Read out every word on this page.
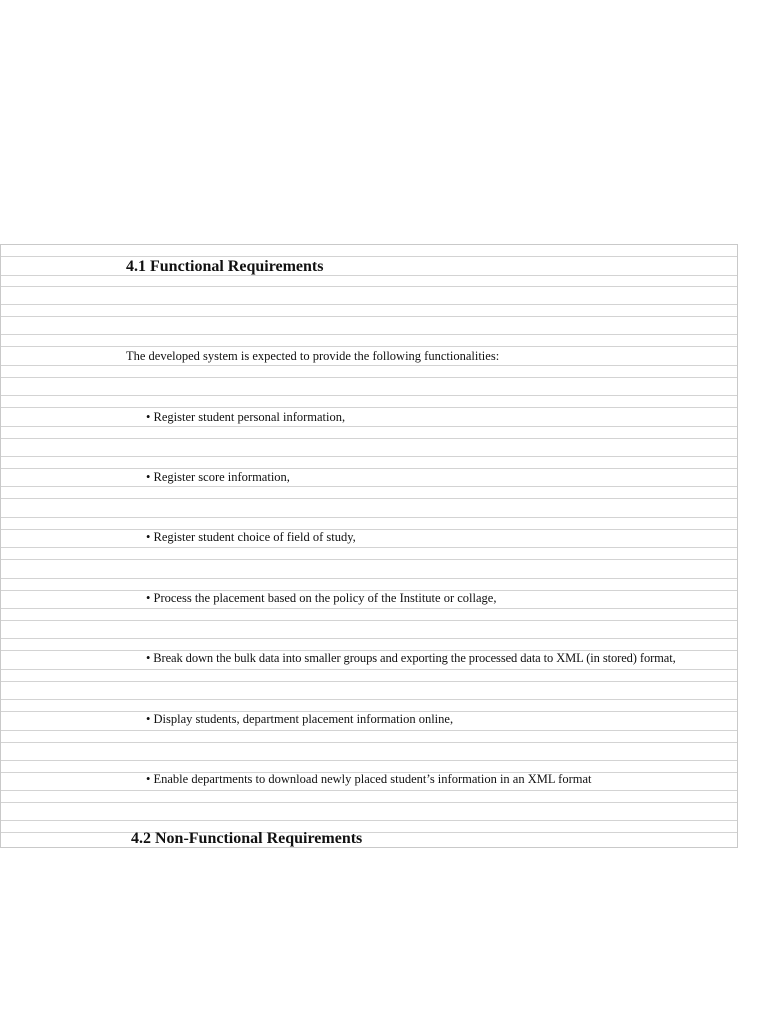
4.1 Functional Requirements
The developed system is expected to provide the following functionalities:
• Register student personal information,
• Register score information,
• Register student choice of field of study,
• Process the placement based on the policy of the Institute or collage,
• Break down the bulk data into smaller groups and exporting the processed data to XML (in stored) format,
• Display students, department placement information online,
• Enable departments to download newly placed student’s information in an XML format
4.2 Non-Functional Requirements
